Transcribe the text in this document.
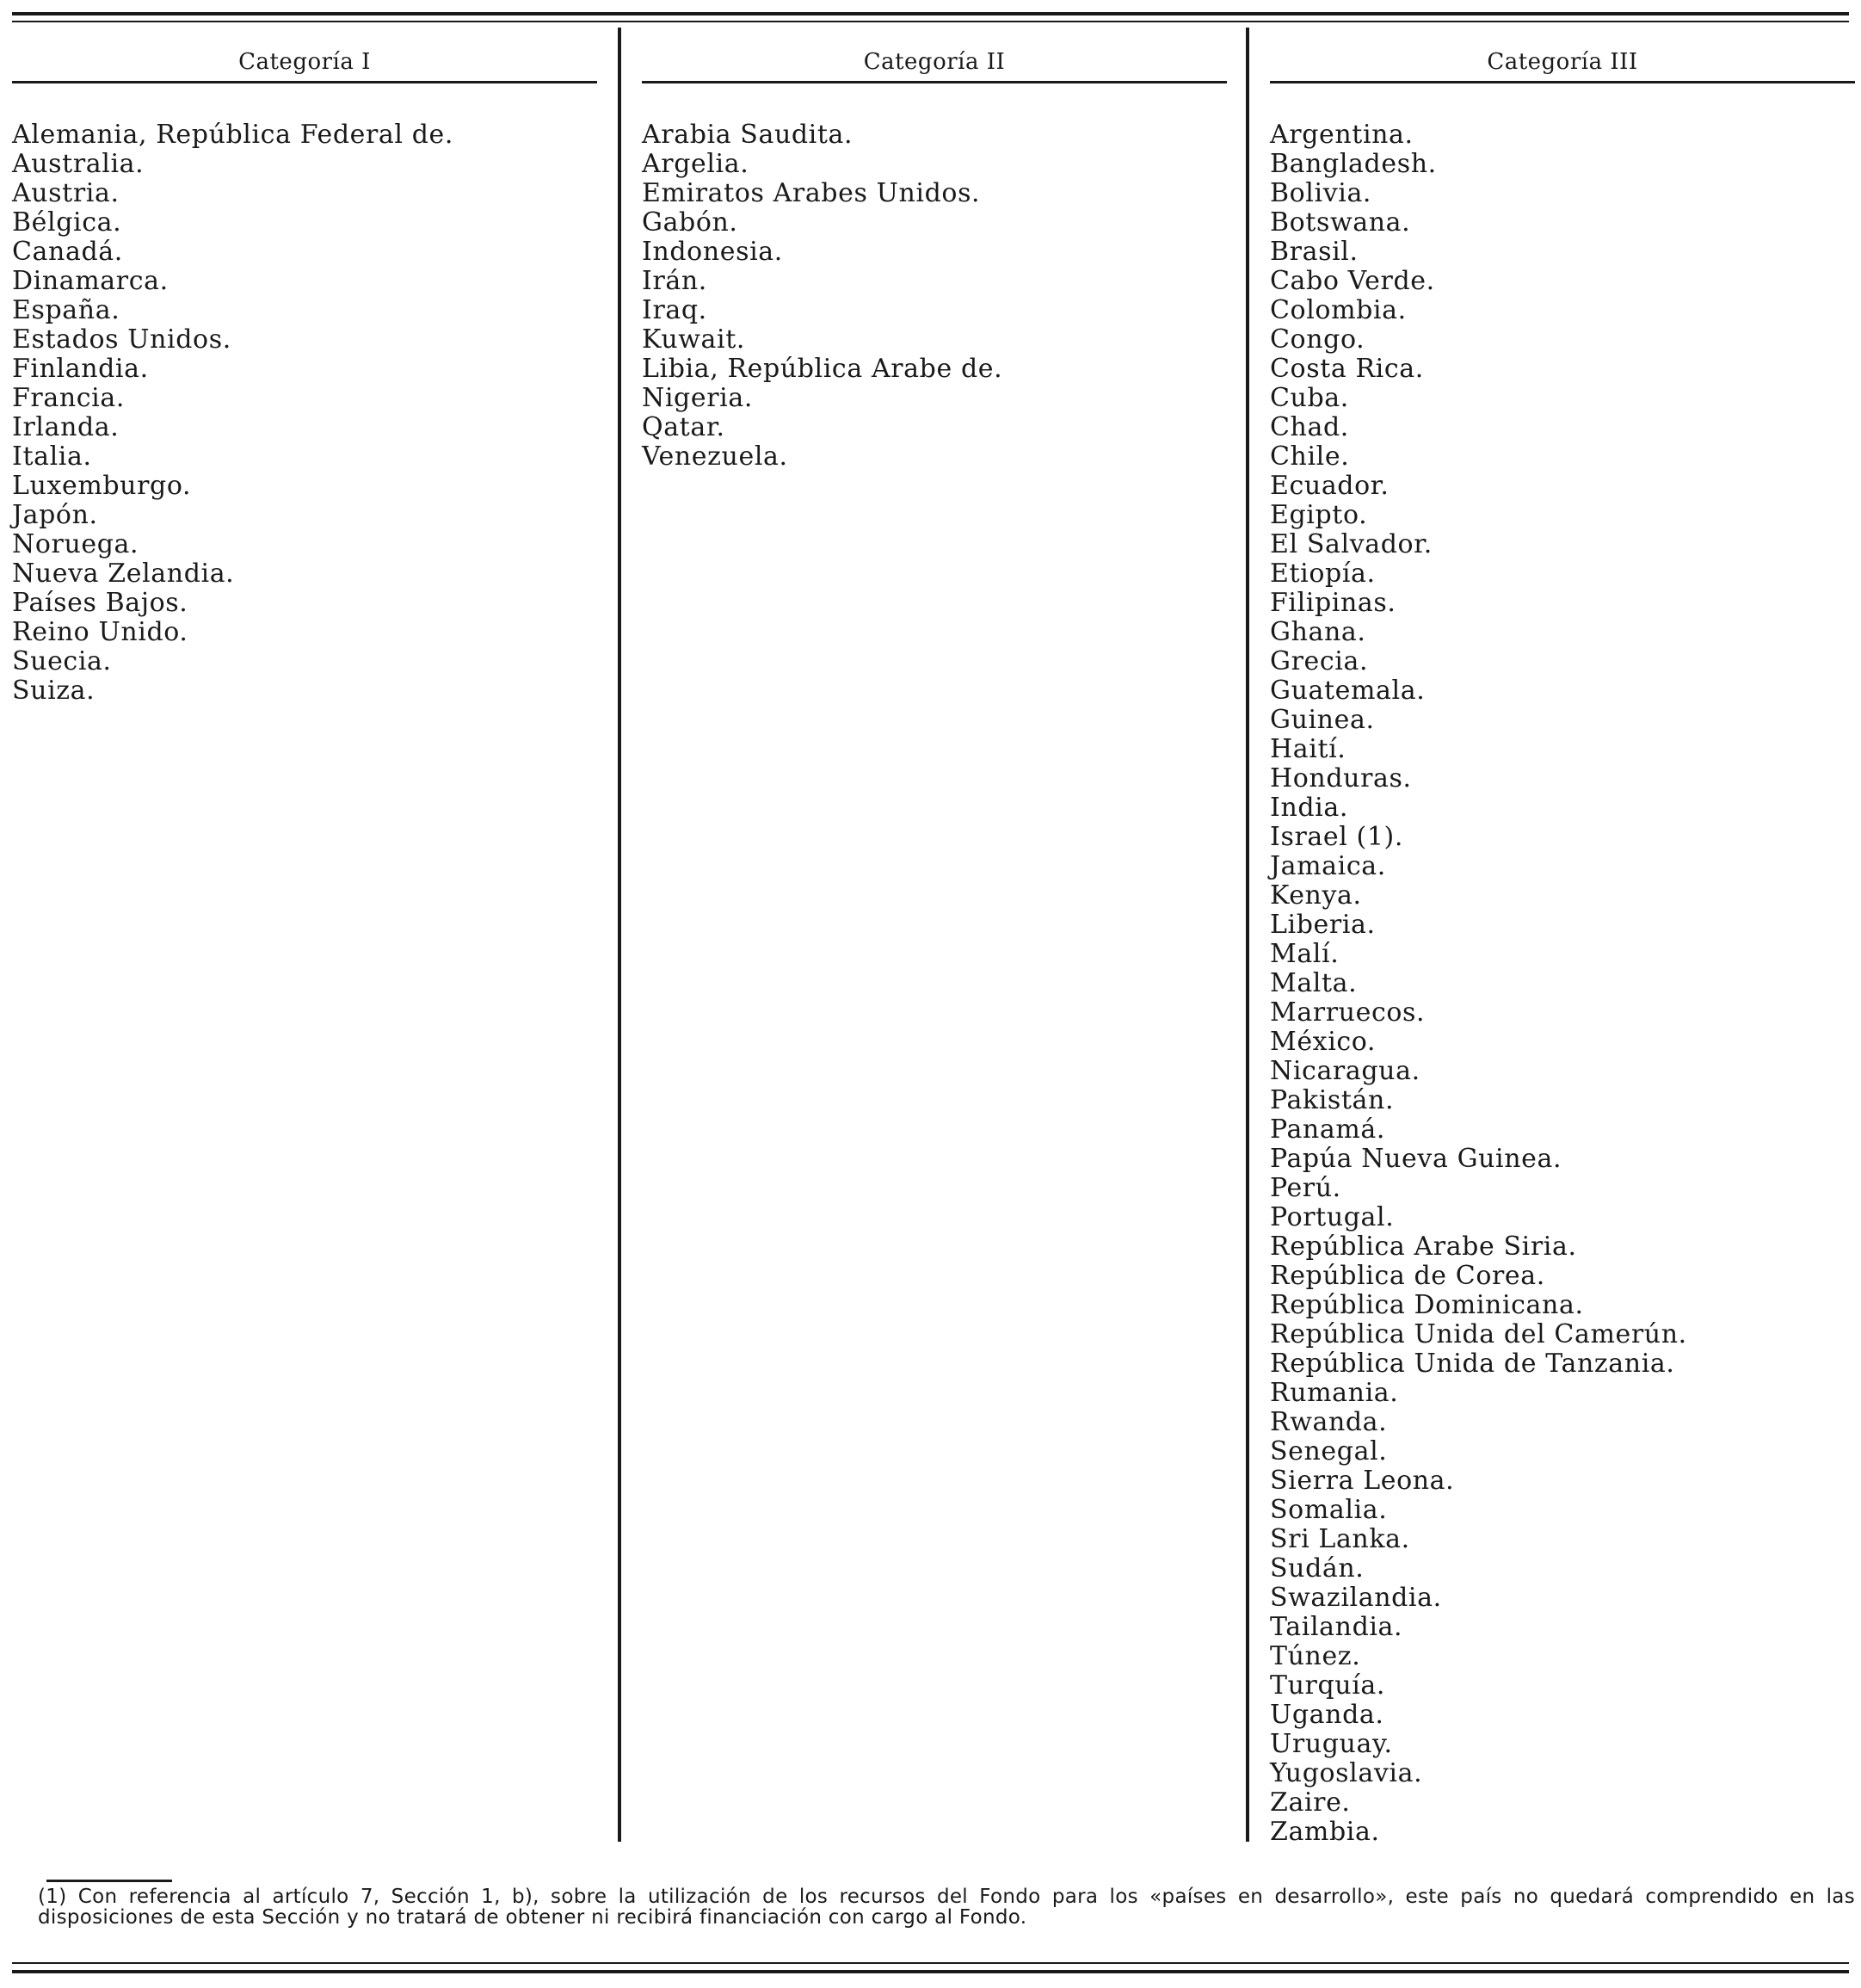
Categoría I
Alemania, República Federal de.
Australia.
Austria.
Bélgica.
Canadá.
Dinamarca.
España.
Estados Unidos.
Finlandia.
Francia.
Irlanda.
Italia.
Luxemburgo.
Japón.
Noruega.
Nueva Zelandia.
Países Bajos.
Reino Unido.
Suecia.
Suiza.
Categoría II
Arabia Saudita.
Argelia.
Emiratos Arabes Unidos.
Gabón.
Indonesia.
Irán.
Iraq.
Kuwait.
Libia, República Arabe de.
Nigeria.
Qatar.
Venezuela.
Categoría III
Argentina.
Bangladesh.
Bolivia.
Botswana.
Brasil.
Cabo Verde.
Colombia.
Congo.
Costa Rica.
Cuba.
Chad.
Chile.
Ecuador.
Egipto.
El Salvador.
Etiopía.
Filipinas.
Ghana.
Grecia.
Guatemala.
Guinea.
Haití.
Honduras.
India.
Israel (1).
Jamaica.
Kenya.
Liberia.
Malí.
Malta.
Marruecos.
México.
Nicaragua.
Pakistán.
Panamá.
Papúa Nueva Guinea.
Perú.
Portugal.
República Arabe Siria.
República de Corea.
República Dominicana.
República Unida del Camerún.
República Unida de Tanzania.
Rumania.
Rwanda.
Senegal.
Sierra Leona.
Somalia.
Sri Lanka.
Sudán.
Swazilandia.
Tailandia.
Túnez.
Turquía.
Uganda.
Uruguay.
Yugoslavia.
Zaire.
Zambia.
(1) Con referencia al artículo 7, Sección 1, b), sobre la utilización de los recursos del Fondo para los «países en desarrollo», este país no quedará comprendido en las disposiciones de esta Sección y no tratará de obtener ni recibirá financiación con cargo al Fondo.
